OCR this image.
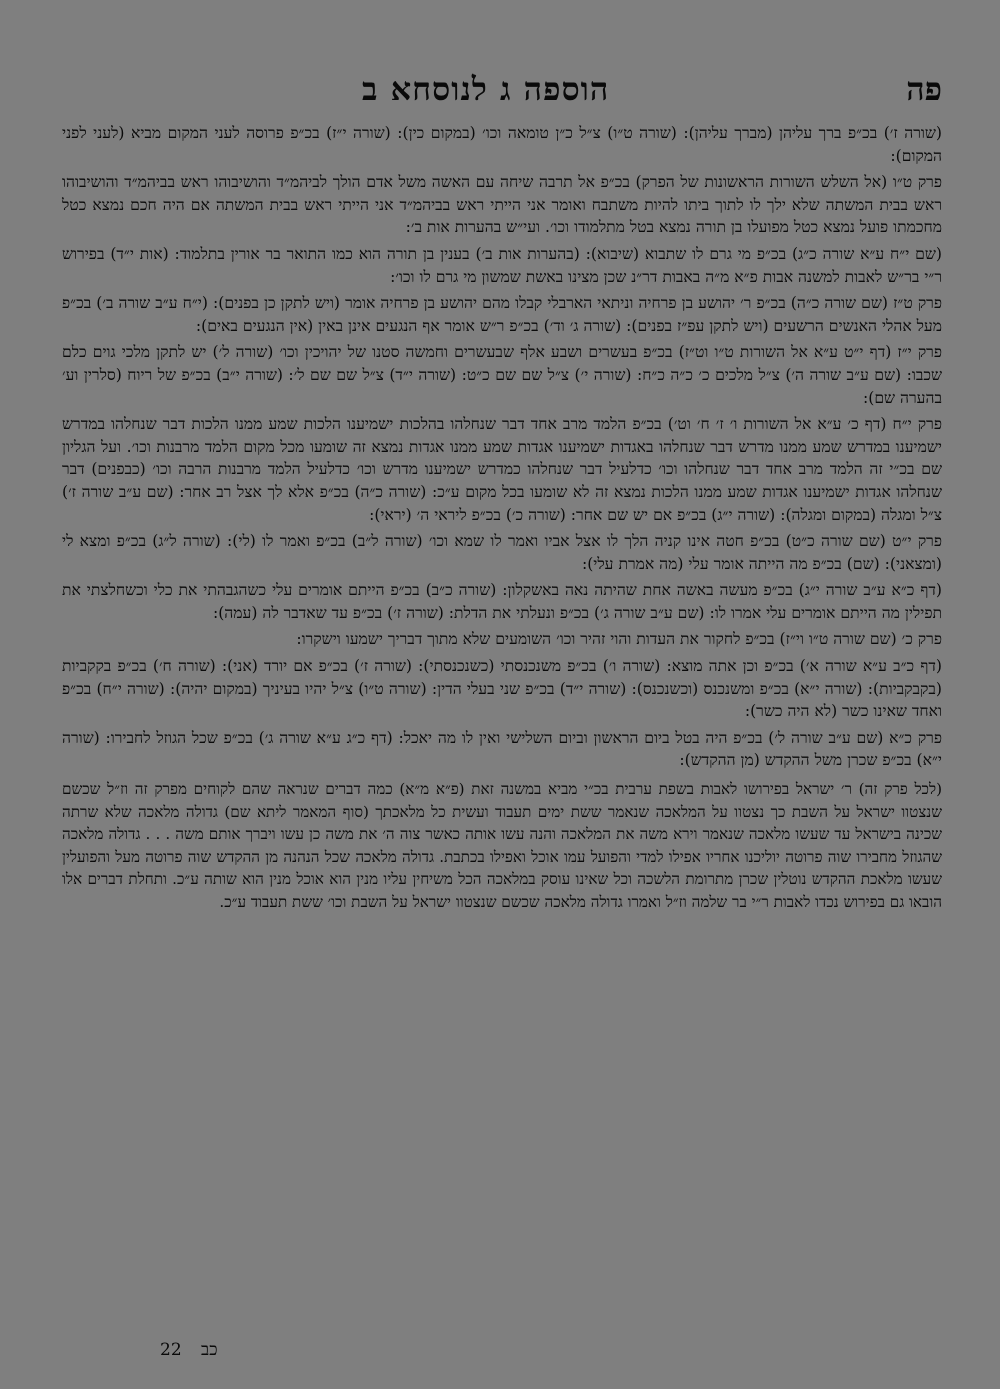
פה
הוספה ג לנוסחא ב

(שורה ז׳) בכ״פ ברך עליהן (מברך עליהן): (שורה ט״ו) צ״ל כ״ן טומאה וכו׳ (במקום כין): (שורה י״ז) בכ״פ פרוסה לעני המקום מביא (לעני לפני המקום):

פרק ט״ו (אל השלש השורות הראשונות של הפרק) בכ״פ אל תרבה שיחה עם האשה משל אדם הולך לביהמ״ד והושיבוהו ראש בביהמ״ד והושיבוהו ראש בבית המשתה שלא ילך לו לתוך ביתו להיות משתבח ואומר אני הייתי ראש בביהמ״ד אני הייתי ראש בבית המשתה אם היה חכם נמצא כטל מחכמתו פועל נמצא כטל מפועלו בן תורה נמצא בטל מתלמודו וכו׳. ועי״ש בהערות אות ב׳:

(שם י״ח ע״א שורה כ״ג) בכ״פ מי גרם לו שתבוא (שיבוא): (בהערות אות ב׳) בענין בן תורה הוא כמו התואר בר אורין בתלמוד: (אות י״ד) בפירוש ר״י בר״ש לאבות למשנה אבות פ״א מ״ה באבות דר״נ שכן מצינו באשת שמשון מי גרם לו וכו׳:

פרק ט״ז (שם שורה כ״ה) בכ״פ ר׳ יהושע בן פרחיה וניתאי הארבלי קבלו מהם יהושע בן פרחיה אומר (ויש לתקן כן בפנים): (י״ח ע״ב שורה ב׳) בכ״פ מעל אהלי האנשים הרשעים (ויש לתקן עפ״ז בפנים): (שורה ג׳ וד׳) בכ״פ ר״ש אומר אף הנגעים אינן באין (אין הנגעים באים):

פרק י״ז (דף י״ט ע״א אל השורות ט״ו וט״ז) בכ״פ בעשרים ושבע אלף שבעשרים וחמשה סטנו של יהויכין וכו׳ (שורה ל׳) יש לתקן מלכי גוים כלם שכבו: (שם ע״ב שורה ה׳) צ״ל מלכים כ׳ כ״ה כ״ח: (שורה י׳) צ״ל שם שם כ״ט: (שורה י״ד) צ״ל שם שם ל׳: (שורה י״ב) בכ״פ של ריוח (סלרין וע׳ בהערה שם):

פרק י״ח (דף כ׳ ע״א אל השורות ו׳ ז׳ ח׳ וט׳) בכ״פ הלמד מרב אחד דבר שנחלהו בהלכות ישמיענו הלכות שמע ממנו הלכות דבר שנחלהו במדרש ישמיענו במדרש שמע ממנו מדרש דבר שנחלהו באגדות ישמיענו אגדות שמע ממנו אגדות נמצא זה שומעו מכל מקום הלמד מרבנות וכו׳. ועל הגליון שם בכ״י זה הלמד מרב אחד דבר שנחלהו וכו׳ כדלעיל דבר שנחלהו כמדרש ישמיענו מדרש וכו׳ כדלעיל הלמד מרבנות הרבה וכו׳ (כבפנים) דבר שנחלהו אגדות ישמיענו אגדות שמע ממנו הלכות נמצא זה לא שומעו בכל מקום ע״כ: (שורה כ״ה) בכ״פ אלא לך אצל רב אחר: (שם ע״ב שורה ז׳) צ״ל ומגלה (במקום ומגלה): (שורה י״ג) בכ״פ אם יש שם אחר: (שורה כ׳) בכ״פ ליראי ה׳ (יראי):

פרק י״ט (שם שורה כ״ט) בכ״פ חטה אינו קניה הלך לו אצל אביו ואמר לו שמא וכו׳ (שורה ל״ב) בכ״פ ואמר לו (לי): (שורה ל״ג) בכ״פ ומצא לי (ומצאני): (שם) בכ״פ מה הייתה אומר עלי (מה אמרת עלי):

(דף כ״א ע״ב שורה י״ג) בכ״פ מעשה באשה אחת שהיתה נאה באשקלון: (שורה כ״ב) בכ״פ הייתם אומרים עלי כשהגבהתי את כלי וכשחלצתי את תפילין מה הייתם אומרים עלי אמרו לו: (שם ע״ב שורה ג׳) בכ״פ ונעלתי את הדלת: (שורה ז׳) בכ״פ עד שאדבר לה (עמה):

פרק כ׳ (שם שורה ט״ו וי״ז) בכ״פ לחקור את העדות והוי זהיר וכו׳ השומעים שלא מתוך דבריך ישמעו וישקרו:

(דף כ״ב ע״א שורה א׳) בכ״פ וכן אתה מוצא: (שורה ו׳) בכ״פ משנכנסתי (כשנכנסתי): (שורה ז׳) בכ״פ אם יורד (אני): (שורה ח׳) בכ״פ בקקביות (בקבקביות): (שורה י״א) בכ״פ ומשנכנס (וכשנכנס): (שורה י״ד) בכ״פ שני בעלי הדין: (שורה ט״ו) צ״ל יהיו בעיניך (במקום יהיה): (שורה י״ח) בכ״פ ואחד שאינו כשר (לא היה כשר):

פרק כ״א (שם ע״ב שורה ל׳) בכ״פ היה בטל ביום הראשון וביום השלישי ואין לו מה יאכל: (דף כ״ג ע״א שורה ג׳) בכ״פ שכל הגוזל לחבירו: (שורה י״א) בכ״פ שכרן משל ההקדש (מן ההקדש):

(לכל פרק זה) ר׳ ישראל בפירושו לאבות בשפת ערבית בכ״י מביא במשנה זאת (פ״א מ״א) כמה דברים שנראה שהם לקוחים מפרק זה וז״ל שכשם שנצטוו ישראל על השבת כך נצטוו על המלאכה שנאמר ששת ימים תעבוד ועשית כל מלאכתך (סוף המאמר ליתא שם) גדולה מלאכה שלא שרתה שכינה בישראל עד שעשו מלאכה שנאמר וירא משה את המלאכה והנה עשו אותה כאשר צוה ה׳ את משה כן עשו ויברך אותם משה . . . גדולה מלאכה שהגוזל מחבירו שוה פרוטה יוליכנו אחריו אפילו למדי והפועל עמו אוכל ואפילו בכתבת. גדולה מלאכה שכל הנהנה מן ההקדש שוה פרוטה מעל והפועלין שעשו מלאכת ההקדש נוטלין שכרן מתרומת הלשכה וכל שאינו עוסק במלאכה הכל משיחין עליו מנין הוא אוכל מנין הוא שותה ע״כ. ותחלת דברים אלו הובאו גם בפירוש נכדו לאבות ר״י בר שלמה וז״ל ואמרו גדולה מלאכה שכשם שנצטוו ישראל על השבת וכו׳ ששת תעבוד ע״כ.
22 כב
